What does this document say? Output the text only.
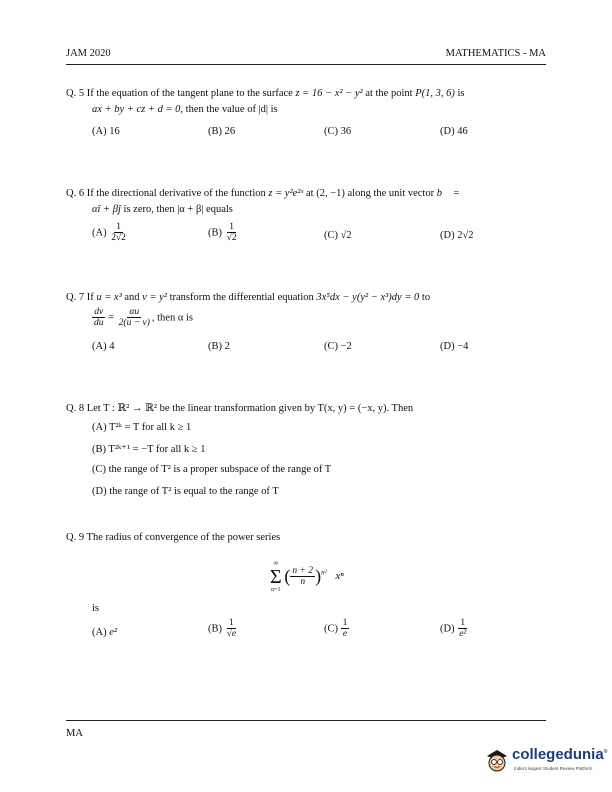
JAM 2020	MATHEMATICS - MA
Q. 5 If the equation of the tangent plane to the surface z = 16 − x² − y² at the point P(1, 3, 6) is
ax + by + cz + d = 0, then the value of |d| is
(A) 16	(B) 26	(C) 36	(D) 46
Q. 6 If the directional derivative of the function z = y²e²ˣ at (2, −1) along the unit vector b⃗ =
αî + βĵ is zero, then |α + β| equals
$(A) \frac{1}{2√2}$	$(B) \frac{1}{√2}$	(C) √2	(D) 2√2
Q. 7 If u = x³ and v = y² transform the differential equation 3x⁵dx − y(y² − x³)dy = 0 to
$\frac{dv}{du} = \frac{\alpha u}{2(u - v)}$ , then α is
(A) 4	(B) 2	(C) −2	(D) −4
Q. 8 Let T : ℝ² → ℝ² be the linear transformation given by T(x, y) = (−x, y). Then
(A) T²ᵏ = T for all k ≥ 1
(B) T²ᵏ⁺¹ = −T for all k ≥ 1
(C) the range of T² is a proper subspace of the range of T
(D) the range of T² is equal to the range of T
Q. 9 The radius of convergence of the power series
∞
Σ
n=1
( $\frac{n + 2}{n} )^{n^2}$ xⁿ
is
(A) e²	$(B) \frac{1}{√e}$	$(C) \frac{1}{e}$	$(D) \frac{1}{\text{e²}}$
MA
collegedunia®
India's largest Student Review Platform
